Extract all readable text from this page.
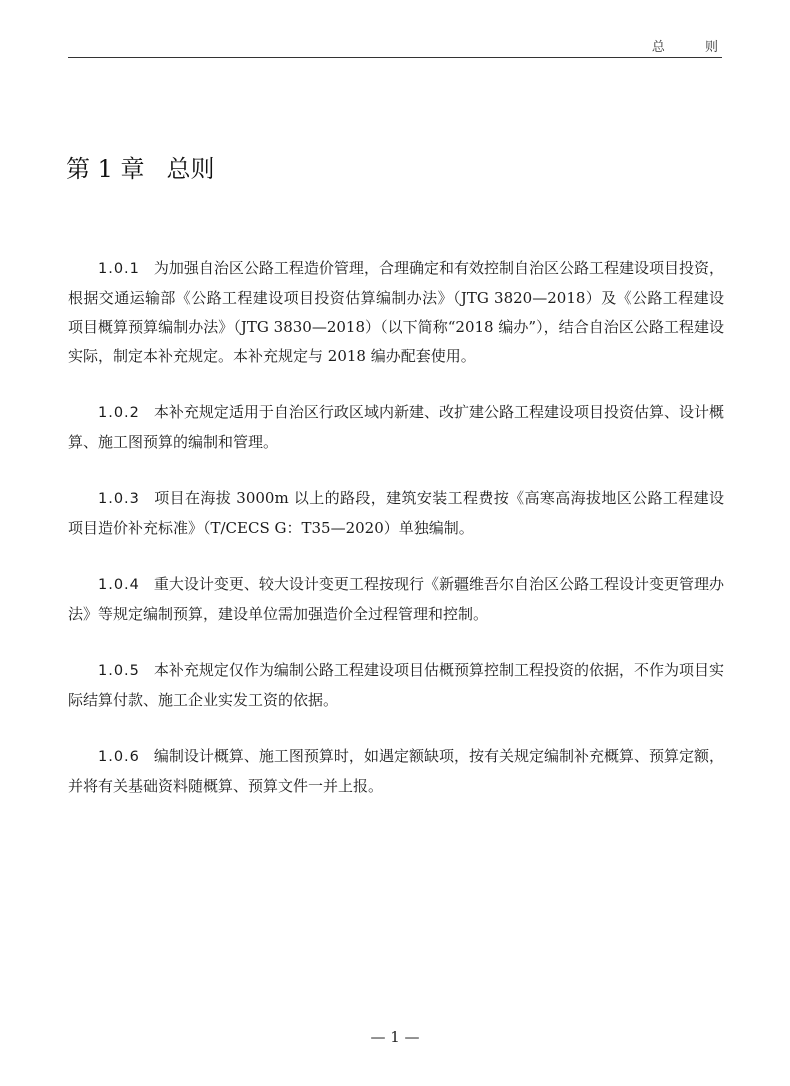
总 则
第 1 章 总则

1.0.1 为加强自治区公路工程造价管理，合理确定和有效控制自治区公路工程建设项目投资，根据交通运输部《公路工程建设项目投资估算编制办法》（JTG 3820—2018）及《公路工程建设项目概算预算编制办法》（JTG 3830—2018）（以下简称“2018 编办”），结合自治区公路工程建设实际，制定本补充规定。本补充规定与 2018 编办配套使用。

1.0.2 本补充规定适用于自治区行政区域内新建、改扩建公路工程建设项目投资估算、设计概算、施工图预算的编制和管理。

1.0.3 项目在海拔 3000m 以上的路段，建筑安装工程费按《高寒高海拔地区公路工程建设项目造价补充标准》（T/CECS G：T35—2020）单独编制。

1.0.4 重大设计变更、较大设计变更工程按现行《新疆维吾尔自治区公路工程设计变更管理办法》等规定编制预算，建设单位需加强造价全过程管理和控制。

1.0.5 本补充规定仅作为编制公路工程建设项目估概预算控制工程投资的依据，不作为项目实际结算付款、施工企业实发工资的依据。

1.0.6 编制设计概算、施工图预算时，如遇定额缺项，按有关规定编制补充概算、预算定额，并将有关基础资料随概算、预算文件一并上报。

— 1 —
